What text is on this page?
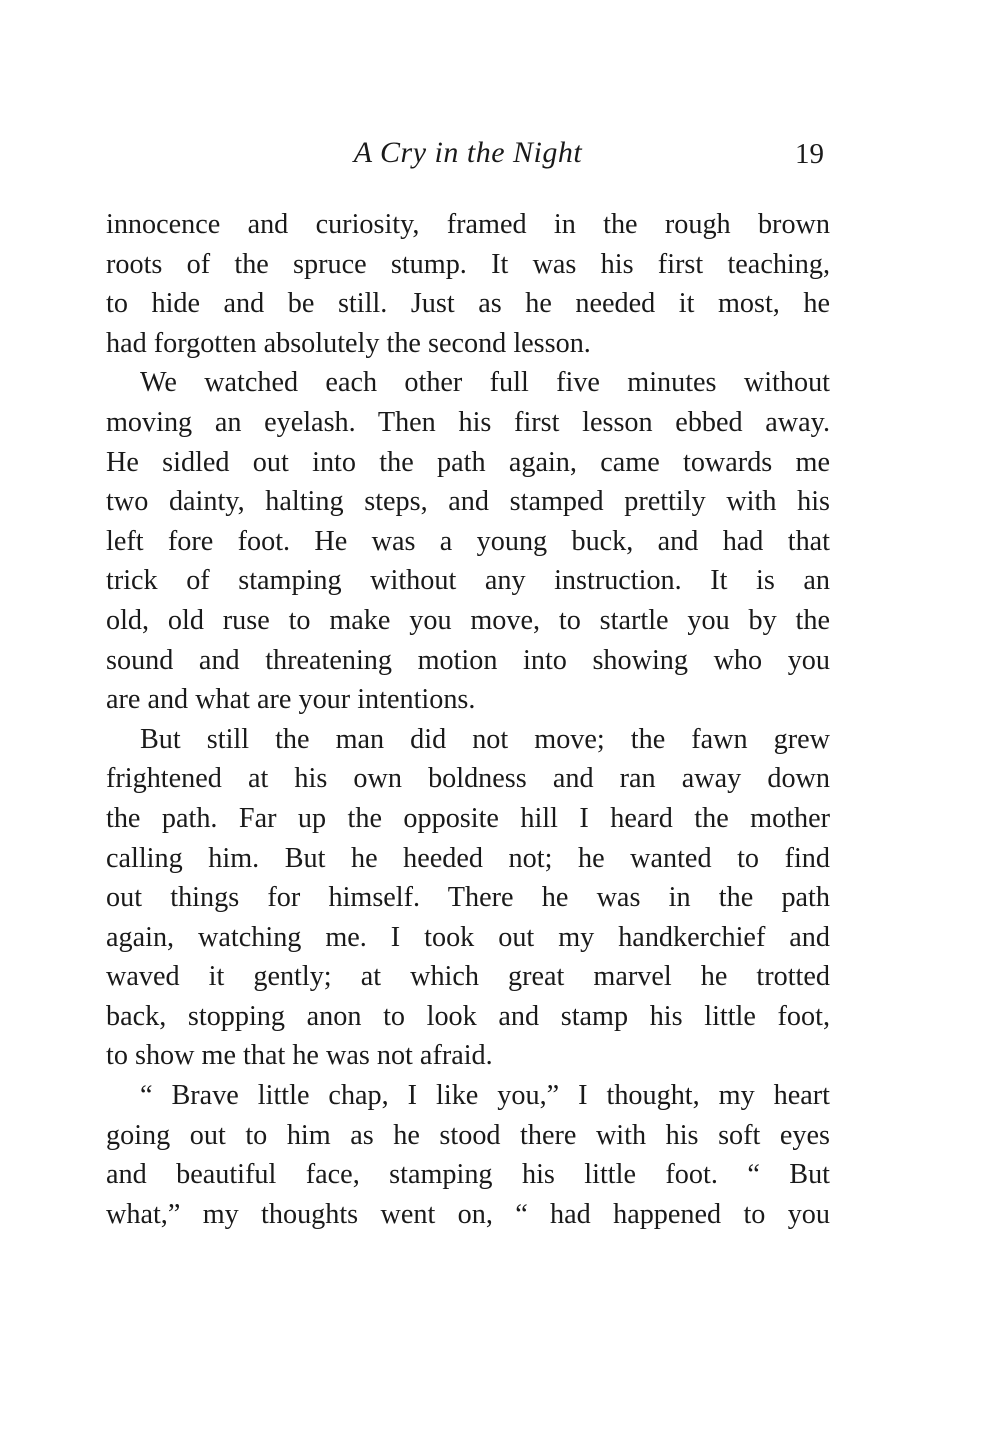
A Cry in the Night	19

innocence and curiosity, framed in the rough brown
roots of the spruce stump. It was his first teaching,
to hide and be still. Just as he needed it most, he
had forgotten absolutely the second lesson.

We watched each other full five minutes without
moving an eyelash. Then his first lesson ebbed away.
He sidled out into the path again, came towards me
two dainty, halting steps, and stamped prettily with his
left fore foot. He was a young buck, and had that
trick of stamping without any instruction. It is an
old, old ruse to make you move, to startle you by the
sound and threatening motion into showing who you
are and what are your intentions.

But still the man did not move; the fawn grew
frightened at his own boldness and ran away down
the path. Far up the opposite hill I heard the mother
calling him. But he heeded not; he wanted to find
out things for himself. There he was in the path
again, watching me. I took out my handkerchief and
waved it gently; at which great marvel he trotted
back, stopping anon to look and stamp his little foot,
to show me that he was not afraid.

“ Brave little chap, I like you,” I thought, my heart
going out to him as he stood there with his soft eyes
and beautiful face, stamping his little foot. “ But
what,” my thoughts went on, “ had happened to you
